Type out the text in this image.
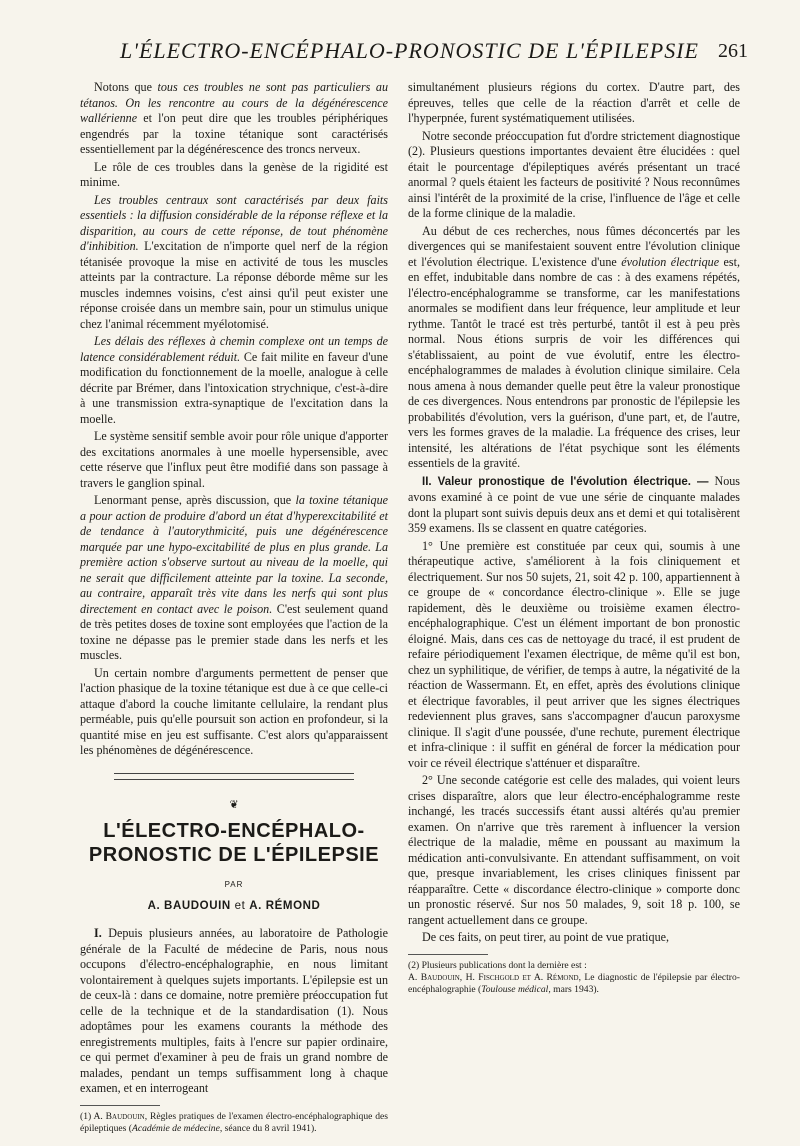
L'ÉLECTRO-ENCÉPHALO-PRONOSTIC DE L'ÉPILEPSIE 261

Notons que tous ces troubles ne sont pas particuliers au tétanos. On les rencontre au cours de la dégénérescence wallérienne et l'on peut dire que les troubles périphériques engendrés par la toxine tétanique sont caractérisés essentiellement par la dégénérescence des troncs nerveux.

Le rôle de ces troubles dans la genèse de la rigidité est minime.

Les troubles centraux sont caractérisés par deux faits essentiels : la diffusion considérable de la réponse réflexe et la disparition, au cours de cette réponse, de tout phénomène d'inhibition. L'excitation de n'importe quel nerf de la région tétanisée provoque la mise en activité de tous les muscles atteints par la contracture. La réponse déborde même sur les muscles indemnes voisins, c'est ainsi qu'il peut exister une réponse croisée dans un membre sain, pour un stimulus unique chez l'animal récemment myélotomisé.

Les délais des réflexes à chemin complexe ont un temps de latence considérablement réduit. Ce fait milite en faveur d'une modification du fonctionnement de la moelle, analogue à celle décrite par Brémer, dans l'intoxication strychnique, c'est-à-dire à une transmission extra-synaptique de l'excitation dans la moelle.

Le système sensitif semble avoir pour rôle unique d'apporter des excitations anormales à une moelle hypersensible, avec cette réserve que l'influx peut être modifié dans son passage à travers le ganglion spinal.

Lenormant pense, après discussion, que la toxine tétanique a pour action de produire d'abord un état d'hyperexcitabilité et de tendance à l'autorythmicité, puis une dégénérescence marquée par une hypo-excitabilité de plus en plus grande. La première action s'observe surtout au niveau de la moelle, qui ne serait que difficilement atteinte par la toxine. La seconde, au contraire, apparaît très vite dans les nerfs qui sont plus directement en contact avec le poison. C'est seulement quand de très petites doses de toxine sont employées que l'action de la toxine ne dépasse pas le premier stade dans les nerfs et les muscles.

Un certain nombre d'arguments permettent de penser que l'action phasique de la toxine tétanique est due à ce que celle-ci attaque d'abord la couche limitante cellulaire, la rendant plus perméable, puis qu'elle poursuit son action en profondeur, si la quantité mise en jeu est suffisante. C'est alors qu'apparaissent les phénomènes de dégénérescence.

❦
L'ÉLECTRO-ENCÉPHALO-
PRONOSTIC DE L'ÉPILEPSIE
PAR
A. BAUDOUIN et A. RÉMOND

I. Depuis plusieurs années, au laboratoire de Pathologie générale de la Faculté de médecine de Paris, nous nous occupons d'électro-encéphalographie, en nous limitant volontairement à quelques sujets importants. L'épilepsie est un de ceux-là : dans ce domaine, notre première préoccupation fut celle de la technique et de la standardisation (1). Nous adoptâmes pour les examens courants la méthode des enregistrements multiples, faits à l'encre sur papier ordinaire, ce qui permet d'examiner à peu de frais un grand nombre de malades, pendant un temps suffisamment long à chaque examen, et en interrogeant

(1) A. Baudouin, Règles pratiques de l'examen électro-encéphalographique des épileptiques (Académie de médecine, séance du 8 avril 1941).

simultanément plusieurs régions du cortex. D'autre part, des épreuves, telles que celle de la réaction d'arrêt et celle de l'hyperpnée, furent systématiquement utilisées.

Notre seconde préoccupation fut d'ordre strictement diagnostique (2). Plusieurs questions importantes devaient être élucidées : quel était le pourcentage d'épileptiques avérés présentant un tracé anormal ? quels étaient les facteurs de positivité ? Nous reconnûmes ainsi l'intérêt de la proximité de la crise, l'influence de l'âge et celle de la forme clinique de la maladie.

Au début de ces recherches, nous fûmes déconcertés par les divergences qui se manifestaient souvent entre l'évolution clinique et l'évolution électrique. L'existence d'une évolution électrique est, en effet, indubitable dans nombre de cas : à des examens répétés, l'électro-encéphalogramme se transforme, car les manifestations anormales se modifient dans leur fréquence, leur amplitude et leur rythme. Tantôt le tracé est très perturbé, tantôt il est à peu près normal. Nous étions surpris de voir les différences qui s'établissaient, au point de vue évolutif, entre les électro-encéphalogrammes de malades à évolution clinique similaire. Cela nous amena à nous demander quelle peut être la valeur pronostique de ces divergences. Nous entendrons par pronostic de l'épilepsie les probabilités d'évolution, vers la guérison, d'une part, et, de l'autre, vers les formes graves de la maladie. La fréquence des crises, leur intensité, les altérations de l'état psychique sont les éléments essentiels de la gravité.

II. Valeur pronostique de l'évolution électrique. — Nous avons examiné à ce point de vue une série de cinquante malades dont la plupart sont suivis depuis deux ans et demi et qui totalisèrent 359 examens. Ils se classent en quatre catégories.

1° Une première est constituée par ceux qui, soumis à une thérapeutique active, s'améliorent à la fois cliniquement et électriquement. Sur nos 50 sujets, 21, soit 42 p. 100, appartiennent à ce groupe de « concordance électro-clinique ». Elle se juge rapidement, dès le deuxième ou troisième examen électro-encéphalographique. C'est un élément important de bon pronostic éloigné. Mais, dans ces cas de nettoyage du tracé, il est prudent de refaire périodiquement l'examen électrique, de même qu'il est bon, chez un syphilitique, de vérifier, de temps à autre, la négativité de la réaction de Wassermann. Et, en effet, après des évolutions clinique et électrique favorables, il peut arriver que les signes électriques redeviennent plus graves, sans s'accompagner d'aucun paroxysme clinique. Il s'agit d'une poussée, d'une rechute, purement électrique et infra-clinique : il suffit en général de forcer la médication pour voir ce réveil électrique s'atténuer et disparaître.

2° Une seconde catégorie est celle des malades, qui voient leurs crises disparaître, alors que leur électro-encéphalogramme reste inchangé, les tracés successifs étant aussi altérés qu'au premier examen. On n'arrive que très rarement à influencer la version électrique de la maladie, même en poussant au maximum la médication anti-convulsivante. En attendant suffisamment, on voit que, presque invariablement, les crises cliniques finissent par réapparaître. Cette « discordance électro-clinique » comporte donc un pronostic réservé. Sur nos 50 malades, 9, soit 18 p. 100, se rangent actuellement dans ce groupe.

De ces faits, on peut tirer, au point de vue pratique,

(2) Plusieurs publications dont la dernière est :
A. Baudouin, H. Fischgold et A. Rémond, Le diagnostic de l'épilepsie par électro-encéphalographie (Toulouse médical, mars 1943).
